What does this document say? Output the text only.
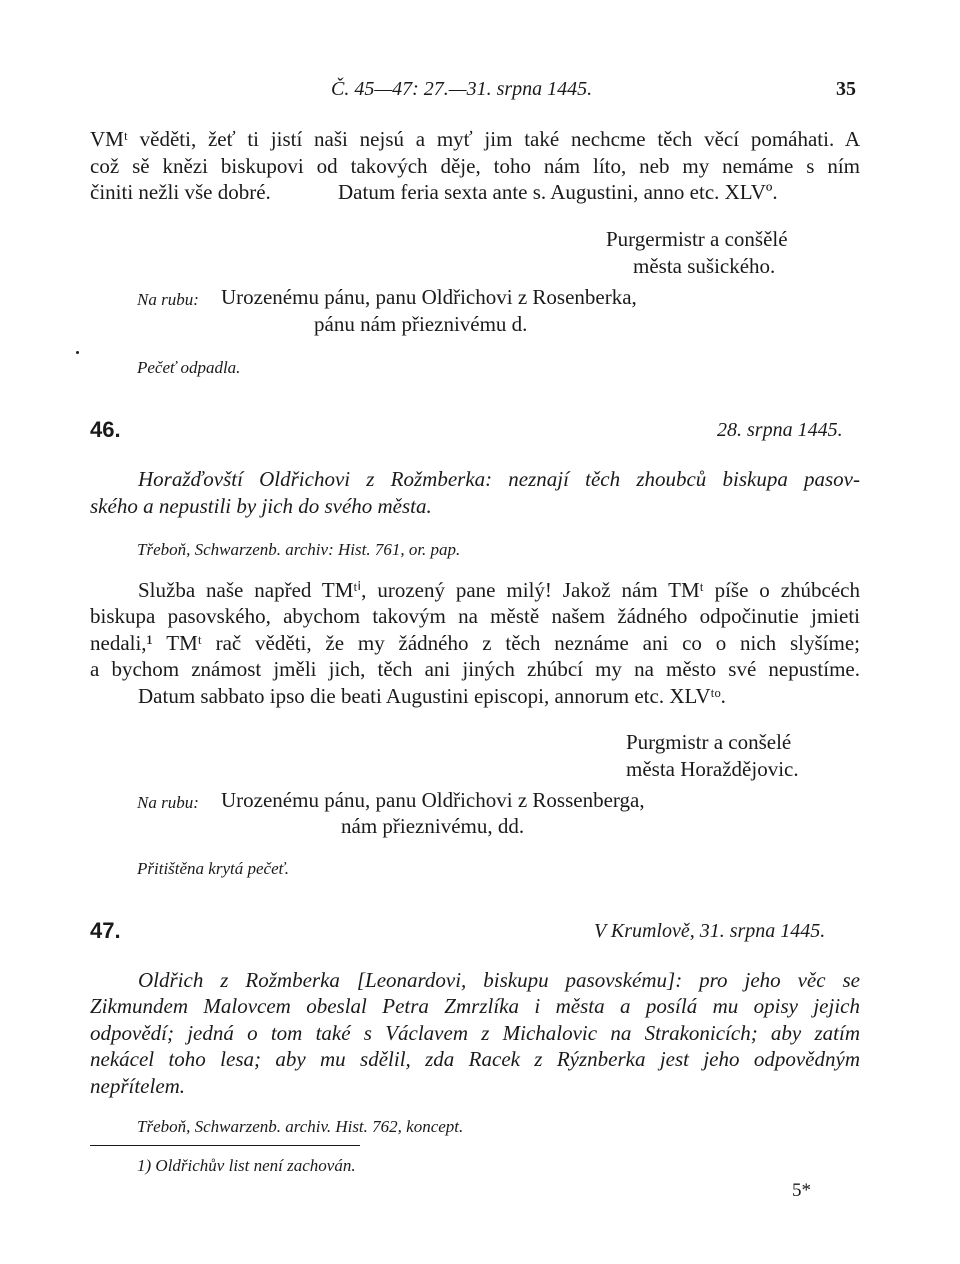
Č. 45—47: 27.—31. srpna 1445.	35
VMᵗ věděti, žeť ti jistí naši nejsú a myť jim také nechcme těch věcí pomáhati. A
což sě knězi biskupovi od takových děje, toho nám líto, neb my nemáme s ním
činiti nežli vše dobré.	Datum feria sexta ante s. Augustini, anno etc. XLVº.
Purgermistr a conšělé
města sušického.
Na rubu: Urozenému pánu, panu Oldřichovi z Rosenberka,
pánu nám přieznivému d.
Pečeť odpadla.
46.	28. srpna 1445.
Horažďovští Oldřichovi z Rožmberka: neznají těch zhoubců biskupa pasov-
ského a nepustili by jich do svého města.
Třeboň, Schwarzenb. archiv: Hist. 761, or. pap.
Služba naše napřed TMᵗⁱ, urozený pane milý! Jakož nám TMᵗ píše o zhúbcéch
biskupa pasovského, abychom takovým na městě našem žádného odpočinutie jmieti
nedali,¹ TMᵗ rač věděti, že my žádného z těch neznáme ani co o nich slyšíme;
a bychom známost jměli jich, těch ani jiných zhúbcí my na město své nepustíme.
Datum sabbato ipso die beati Augustini episcopi, annorum etc. XLVᵗᵒ.
Purgmistr a conšelé
města Horaždějovic.
Na rubu: Urozenému pánu, panu Oldřichovi z Rossenberga,
nám přieznivému, dd.
Přitištěna krytá pečeť.
47.	V Krumlově, 31. srpna 1445.
Oldřich z Rožmberka [Leonardovi, biskupu pasovskému]: pro jeho věc se
Zikmundem Malovcem obeslal Petra Zmrzlíka i města a posílá mu opisy jejich
odpovědí; jedná o tom také s Václavem z Michalovic na Strakonicích; aby zatím
nekácel toho lesa; aby mu sdělil, zda Racek z Rýznberka jest jeho odpovědným
nepřítelem.
Třeboň, Schwarzenb. archiv. Hist. 762, koncept.
1) Oldřichův list není zachován.
5*
